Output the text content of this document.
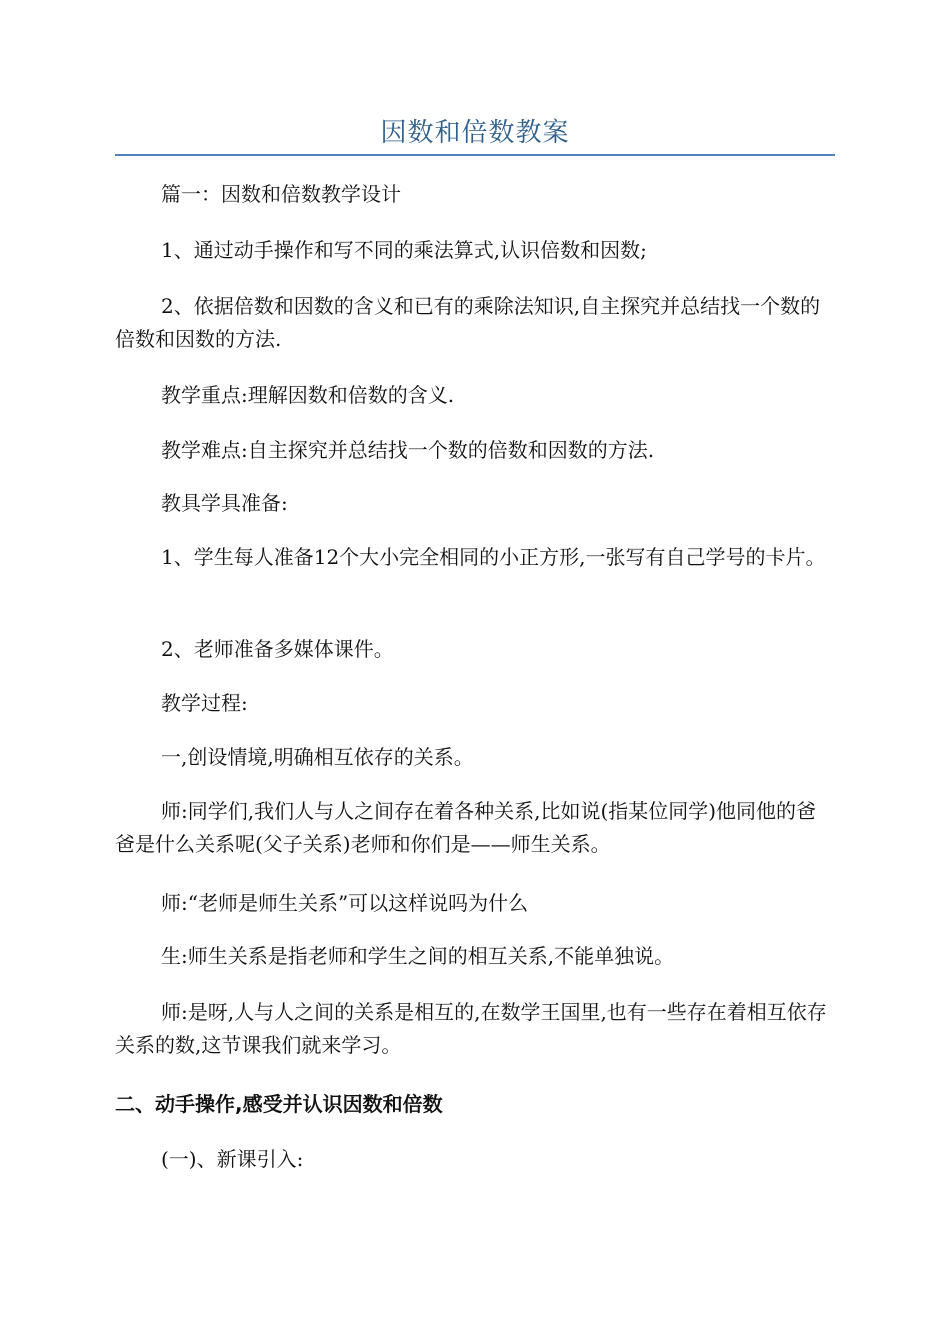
因数和倍数教案

篇一：因数和倍数教学设计

1、通过动手操作和写不同的乘法算式,认识倍数和因数;

2、依据倍数和因数的含义和已有的乘除法知识,自主探究并总结找一个数的倍数和因数的方法.

教学重点:理解因数和倍数的含义.

教学难点:自主探究并总结找一个数的倍数和因数的方法.

教具学具准备:

1、学生每人准备12个大小完全相同的小正方形,一张写有自己学号的卡片。

2、老师准备多媒体课件。

教学过程:

一,创设情境,明确相互依存的关系。

师:同学们,我们人与人之间存在着各种关系,比如说(指某位同学)他同他的爸爸是什么关系呢(父子关系)老师和你们是——师生关系。

师:“老师是师生关系”可以这样说吗为什么

生:师生关系是指老师和学生之间的相互关系,不能单独说。

师:是呀,人与人之间的关系是相互的,在数学王国里,也有一些存在着相互依存关系的数,这节课我们就来学习。

二、动手操作,感受并认识因数和倍数

(一)、新课引入:
